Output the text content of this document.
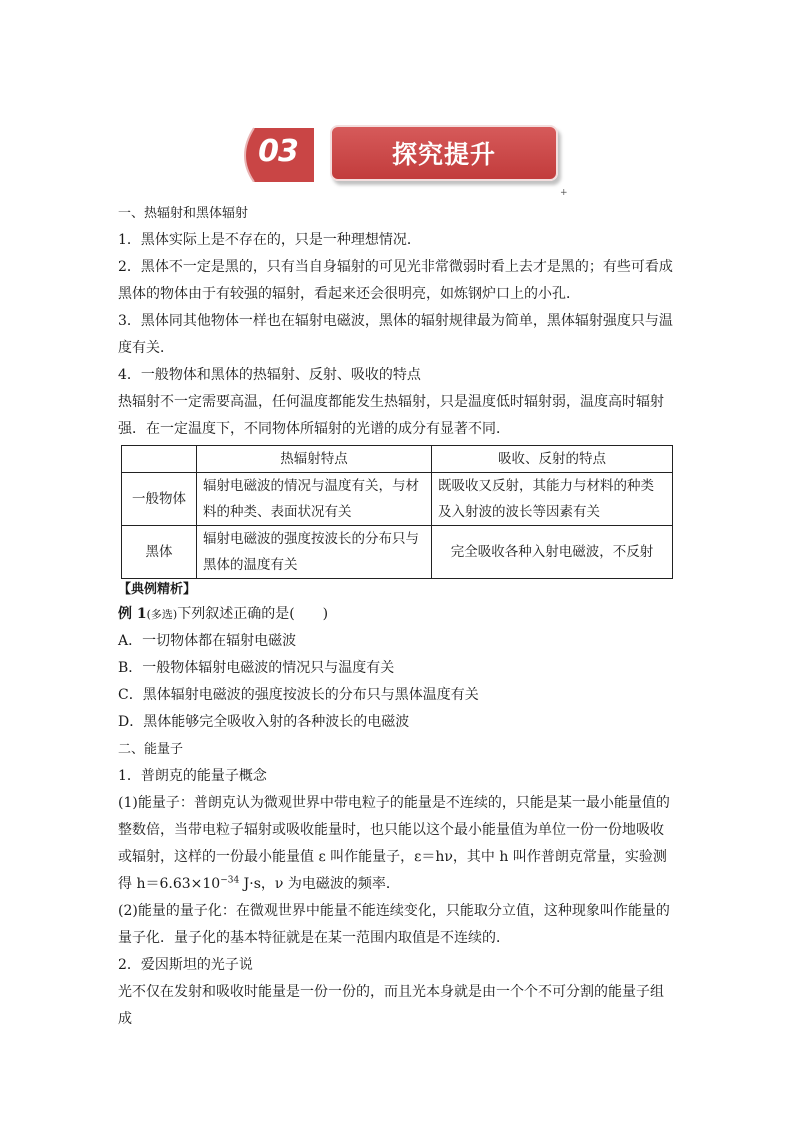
03	探究提升
+

一、热辐射和黑体辐射

1．黑体实际上是不存在的，只是一种理想情况．

2．黑体不一定是黑的，只有当自身辐射的可见光非常微弱时看上去才是黑的；有些可看成黑体的物体由于有较强的辐射，看起来还会很明亮，如炼钢炉口上的小孔．

3．黑体同其他物体一样也在辐射电磁波，黑体的辐射规律最为简单，黑体辐射强度只与温度有关．

4．一般物体和黑体的热辐射、反射、吸收的特点

热辐射不一定需要高温，任何温度都能发生热辐射，只是温度低时辐射弱，温度高时辐射强．在一定温度下，不同物体所辐射的光谱的成分有显著不同．

	热辐射特点	吸收、反射的特点
一般物体	辐射电磁波的情况与温度有关，与材料的种类、表面状况有关	既吸收又反射，其能力与材料的种类及入射波的波长等因素有关
黑体	辐射电磁波的强度按波长的分布只与黑体的温度有关	完全吸收各种入射电磁波，不反射

【典例精析】

例 1(多选)下列叙述正确的是(　　)

A．一切物体都在辐射电磁波

B．一般物体辐射电磁波的情况只与温度有关

C．黑体辐射电磁波的强度按波长的分布只与黑体温度有关

D．黑体能够完全吸收入射的各种波长的电磁波

二、能量子

1．普朗克的能量子概念

(1)能量子：普朗克认为微观世界中带电粒子的能量是不连续的，只能是某一最小能量值的整数倍，当带电粒子辐射或吸收能量时，也只能以这个最小能量值为单位一份一份地吸收或辐射，这样的一份最小能量值 ε 叫作能量子，ε＝hν，其中 h 叫作普朗克常量，实验测得 $h=6.63\times 10^{-34}$ J·s，ν 为电磁波的频率．

(2)能量的量子化：在微观世界中能量不能连续变化，只能取分立值，这种现象叫作能量的量子化．量子化的基本特征就是在某一范围内取值是不连续的．

2．爱因斯坦的光子说

光不仅在发射和吸收时能量是一份一份的，而且光本身就是由一个个不可分割的能量子组成
